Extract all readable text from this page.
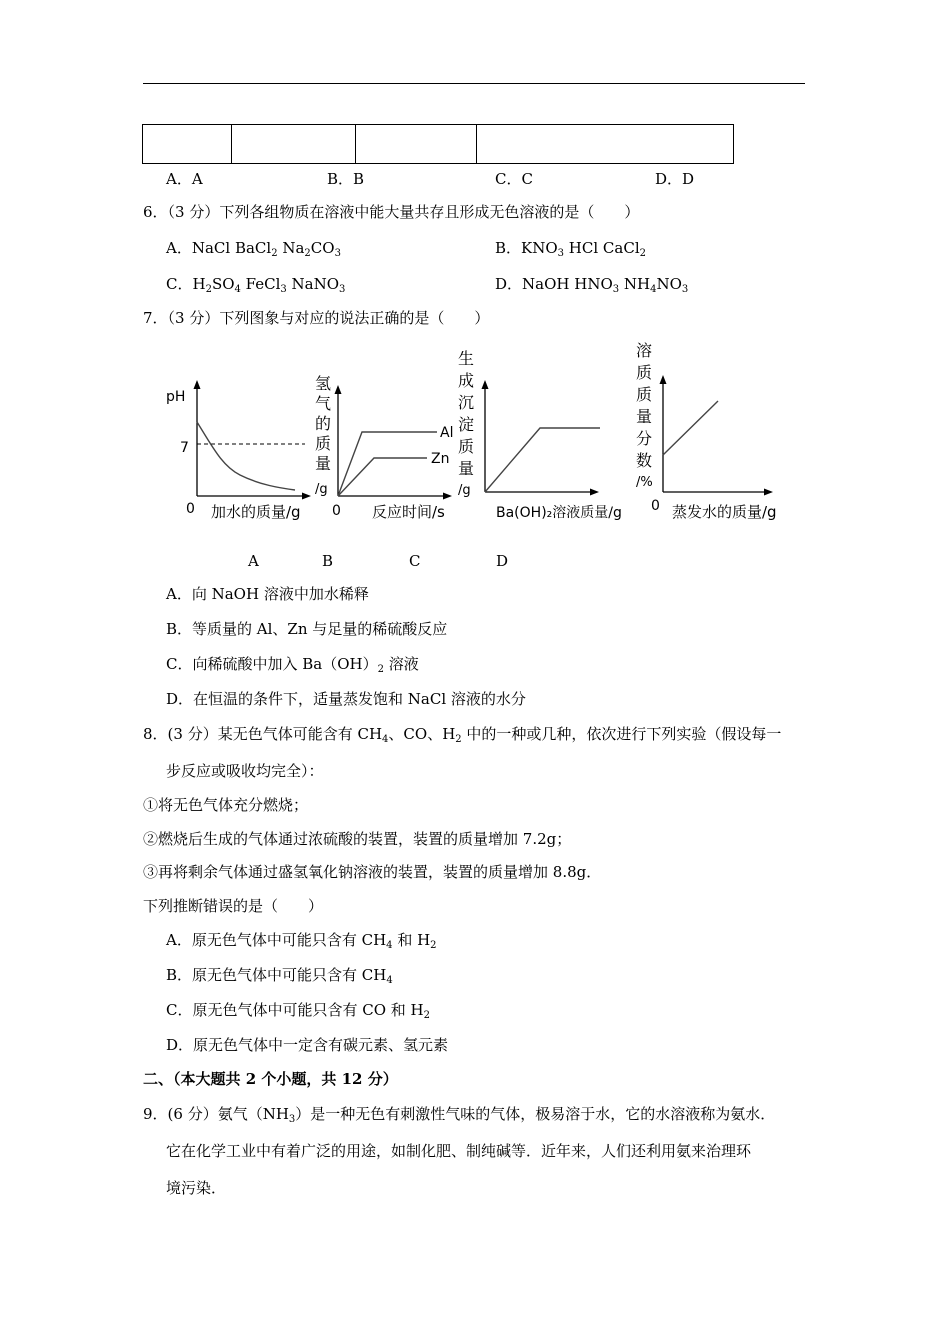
A．A	B．B	C．C	D．D
6．（3 分）下列各组物质在溶液中能大量共存且形成无色溶液的是（　　）
A．NaCl BaCl$_2$ $Na_2CO_3$	B．$KNO_3$ HCl CaCl$_2$
C．$H_2SO_4$ FeCl$_3$ NaNO$_3$	D．NaOH $HNO_3$ $NH_4NO_3$
7．（3 分）下列图象与对应的说法正确的是（　　）
pH
7
0 加水的质量/g
氢
气
的
质
量
/g
Al
Zn
0 反应时间/s
生
成
沉
淀
质
量
/g
Ba(OH)₂溶液质量/g
溶
质
质
量
分
数
/%
0 蒸发水的质量/g
A	B	C	D
A．向 NaOH 溶液中加水稀释
B．等质量的 Al、Zn 与足量的稀硫酸反应
C．向稀硫酸中加入 $Ba(OH)_2$ 溶液
D．在恒温的条件下，适量蒸发饱和 NaCl 溶液的水分
8．(3 分）某无色气体可能含有 $CH_4$、CO、$H_2$ 中的一种或几种，依次进行下列实验（假设每一
步反应或吸收均完全）：
①将无色气体充分燃烧；
②燃烧后生成的气体通过浓硫酸的装置，装置的质量增加 7.2g；
③再将剩余气体通过盛氢氧化钠溶液的装置，装置的质量增加 8.8g．
下列推断错误的是（　　）
A．原无色气体中可能只含有 $CH_4$ 和 $H_2$
B．原无色气体中可能只含有 $CH_4$
C．原无色气体中可能只含有 CO 和 $H_2$
D．原无色气体中一定含有碳元素、氢元素
二、（本大题共 2 个小题，共 12 分）
9．(6 分）氨气$(NH_3)$是一种无色有刺激性气味的气体，极易溶于水，它的水溶液称为氨水．
它在化学工业中有着广泛的用途，如制化肥、制纯碱等．近年来，人们还利用氨来治理环
境污染．
